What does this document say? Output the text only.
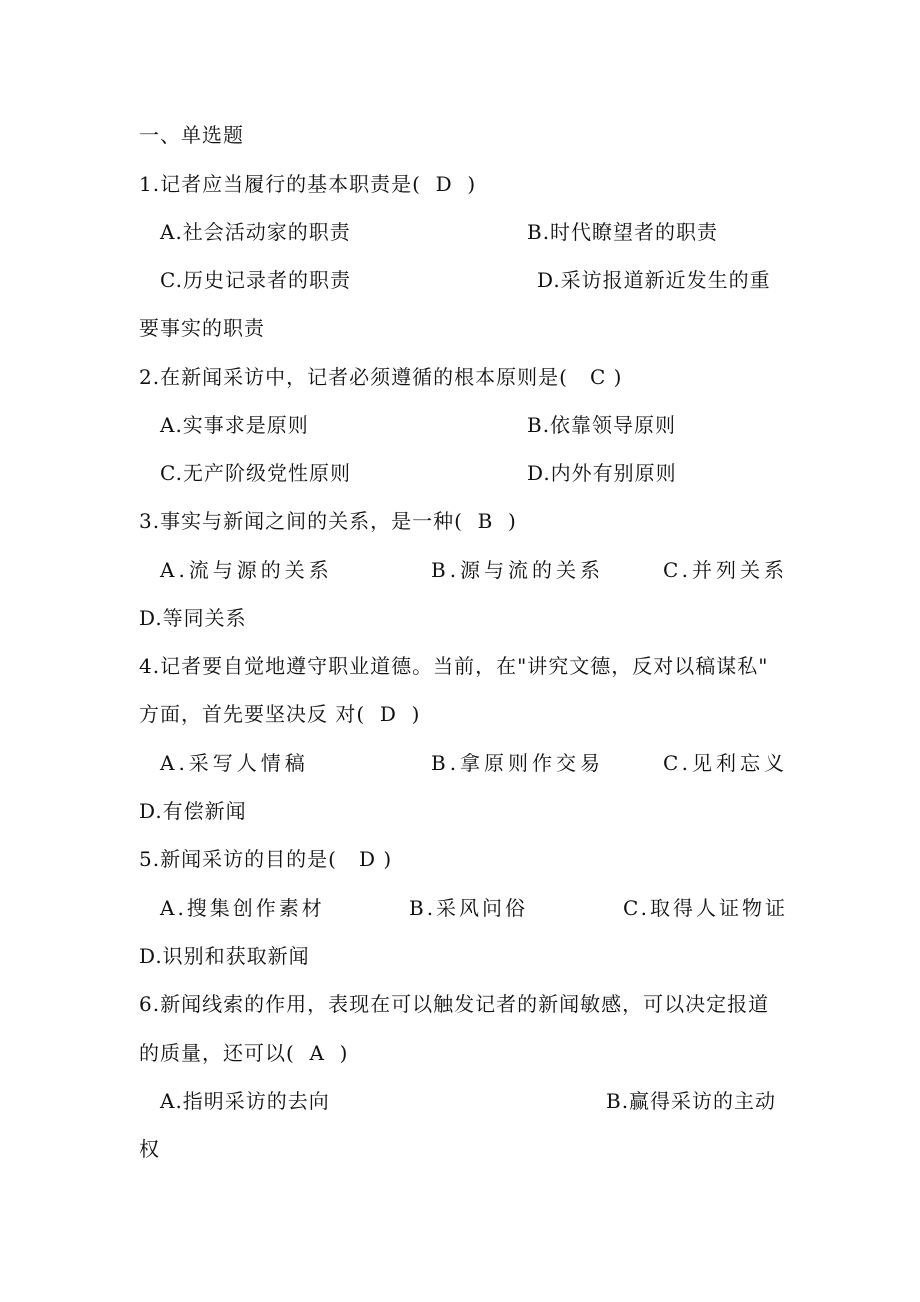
一、单选题
1.记者应当履行的基本职责是(  D  )
A.社会活动家的职责	B.时代瞭望者的职责
C.历史记录者的职责	D.采访报道新近发生的重
要事实的职责
2.在新闻采访中，记者必须遵循的根本原则是(   C )
A.实事求是原则	B.依靠领导原则
C.无产阶级党性原则	D.内外有别原则
3.事实与新闻之间的关系，是一种(  B  )
A.流与源的关系	B.源与流的关系	C.并列关系
D.等同关系
4.记者要自觉地遵守职业道德。当前，在"讲究文德，反对以稿谋私"
方面，首先要坚决反 对(  D  )
A.采写人情稿	B.拿原则作交易	C.见利忘义
D.有偿新闻
5.新闻采访的目的是(   D )
A.搜集创作素材	B.采风问俗	C.取得人证物证
D.识别和获取新闻
6.新闻线索的作用，表现在可以触发记者的新闻敏感，可以决定报道
的质量，还可以(  A  )
A.指明采访的去向	B.赢得采访的主动
权
